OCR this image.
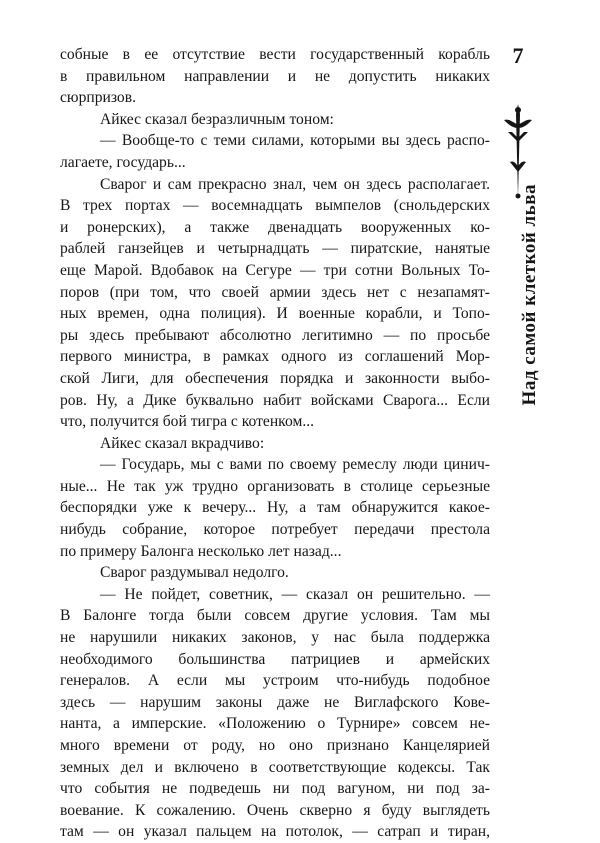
собные в ее отсутствие вести государственный корабль
в правильном направлении и не допустить никаких
сюрпризов.
Айкес сказал безразличным тоном:
— Вообще-то с теми силами, которыми вы здесь распо-
лагаете, государь...
Сварог и сам прекрасно знал, чем он здесь располагает.
В трех портах — восемнадцать вымпелов (снольдерских
и ронерских), а также двенадцать вооруженных ко-
раблей ганзейцев и четырнадцать — пиратские, нанятые
еще Марой. Вдобавок на Сегуре — три сотни Вольных То-
поров (при том, что своей армии здесь нет с незапамят-
ных времен, одна полиция). И военные корабли, и Топо-
ры здесь пребывают абсолютно легитимно — по просьбе
первого министра, в рамках одного из соглашений Мор-
ской Лиги, для обеспечения порядка и законности выбо-
ров. Ну, а Дике буквально набит войсками Сварога... Если
что, получится бой тигра с котенком...
Айкес сказал вкрадчиво:
— Государь, мы с вами по своему ремеслу люди цинич-
ные... Не так уж трудно организовать в столице серьезные
беспорядки уже к вечеру... Ну, а там обнаружится какое-
нибудь собрание, которое потребует передачи престола
по примеру Балонга несколько лет назад...
Сварог раздумывал недолго.
— Не пойдет, советник, — сказал он решительно. —
В Балонге тогда были совсем другие условия. Там мы
не нарушили никаких законов, у нас была поддержка
необходимого большинства патрициев и армейских
генералов. А если мы устроим что-нибудь подобное
здесь — нарушим законы даже не Виглафского Кове-
нанта, а имперские. «Положению о Турнире» совсем не-
много времени от роду, но оно признано Канцелярией
земных дел и включено в соответствующие кодексы. Так
что события не подведешь ни под вагуном, ни под за-
воевание. К сожалению. Очень скверно я буду выглядеть
там — он указал пальцем на потолок, — сатрап и тиран,
7
Над самой клеткой льва
